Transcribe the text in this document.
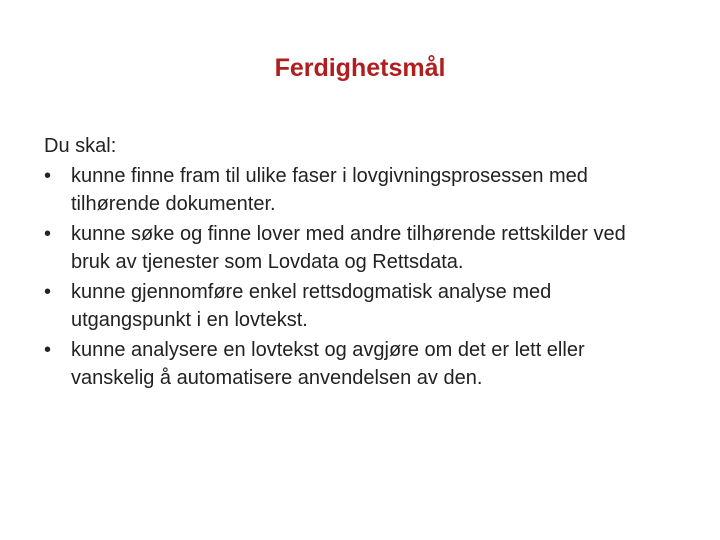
Ferdighetsmål

Du skal:

• kunne finne fram til ulike faser i lovgivningsprosessen med tilhørende dokumenter.
• kunne søke og finne lover med andre tilhørende rettskilder ved bruk av tjenester som Lovdata og Rettsdata.
• kunne gjennomføre enkel rettsdogmatisk analyse med utgangspunkt i en lovtekst.
• kunne analysere en lovtekst og avgjøre om det er lett eller vanskelig å automatisere anvendelsen av den.
